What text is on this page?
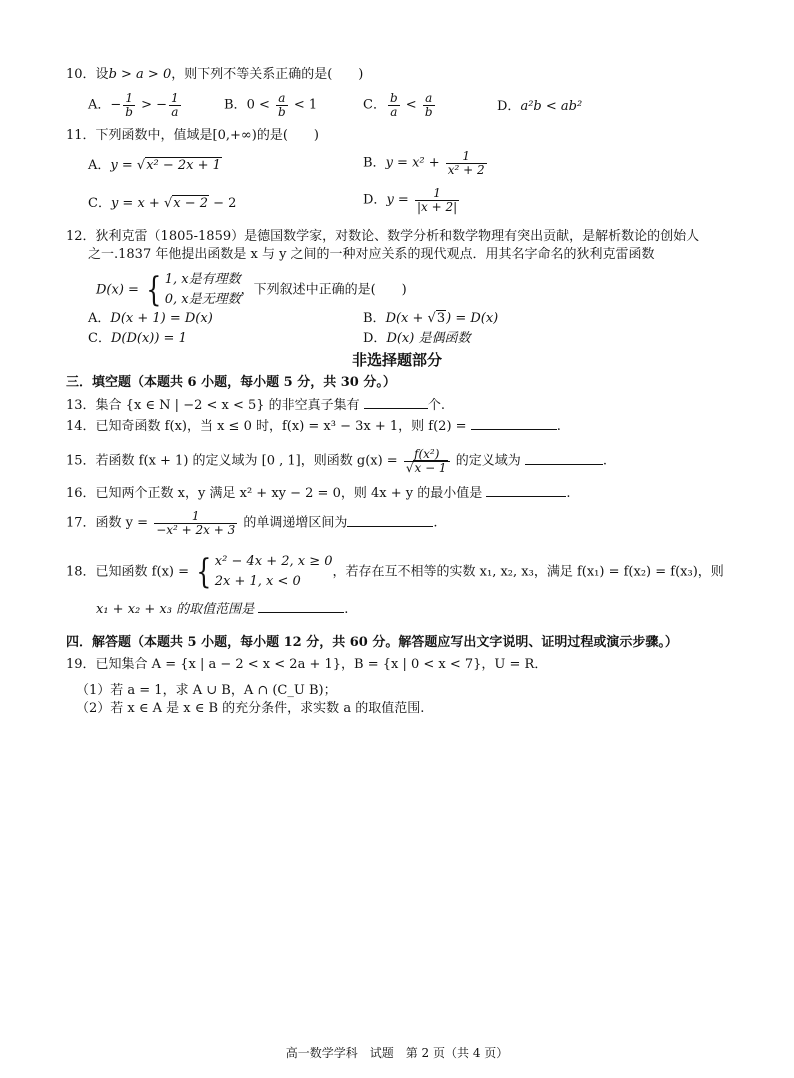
10．设b > a > 0，则下列不等关系正确的是(　　)
A．− $\frac{1}{b}$ > − $\frac{1}{a}$	B．$0 < \frac{a}{b} < 1$	C． $\frac{b}{a} < \frac{a}{b}$	D．a²b < ab²
11．下列函数中，值域是[0,+∞)的是(　　)
A．y = √x² − 2x + 1	B．$y = x^2 + \frac{1}{\text{x² + 2}}$
C．y = x + √x − 2 − 2	D．$y = \frac{1}{|x + 2|}$
12．狄利克雷（1805-1859）是德国数学家，对数论、数学分析和数学物理有突出贡献，是解析数论的创始人
之一.1837 年他提出函数是 x 与 y 之间的一种对应关系的现代观点．用其名字命名的狄利克雷函数
D(x) = { 1, x是有理数
0, x是无理数
，下列叙述中正确的是(　　)
A．D(x + 1) = D(x)	B．D(x + √3) = D(x)
C．D(D(x)) = 1	D．D(x) 是偶函数
非选择题部分
三．填空题（本题共 6 小题，每小题 5 分，共 30 分。）
13．集合 {x ∈ N | −2 < x < 5} 的非空真子集有	个.
14．已知奇函数 f(x)，当 x ≤ 0 时，f(x) = x³ − 3x + 1，则 f(2) =	.
15．若函数 f(x + 1) 的定义域为 [0 , 1]，则函数 $g(x) = \frac{\text{f(x²)}}{√x - 1}$ 的定义域为	.
16．已知两个正数 x，y 满足 x² + xy − 2 = 0，则 4x + y 的最小值是	.
17．函数 $y = \frac{1}{\text{−x² + 2x + 3}}$ 的单调递增区间为	.
18．已知函数 f(x) = { x² − 4x + 2, x ≥ 0
2x + 1, x < 0
，若存在互不相等的实数 x₁, x₂, x₃，满足 f(x₁) = f(x₂) = f(x₃)，则
x₁ + x₂ + x₃ 的取值范围是	.
四．解答题（本题共 5 小题，每小题 12 分，共 60 分。解答题应写出文字说明、证明过程或演示步骤。）
19．已知集合 A = {x | a − 2 < x < 2a + 1}，B = {x | 0 < x < 7}，U = R．
（1）若 a = 1，求 A ∪ B，A ∩ (C_U B)；
（2）若 x ∈ A 是 x ∈ B 的充分条件，求实数 a 的取值范围.
高一数学学科　试题　第 2 页（共 4 页）
